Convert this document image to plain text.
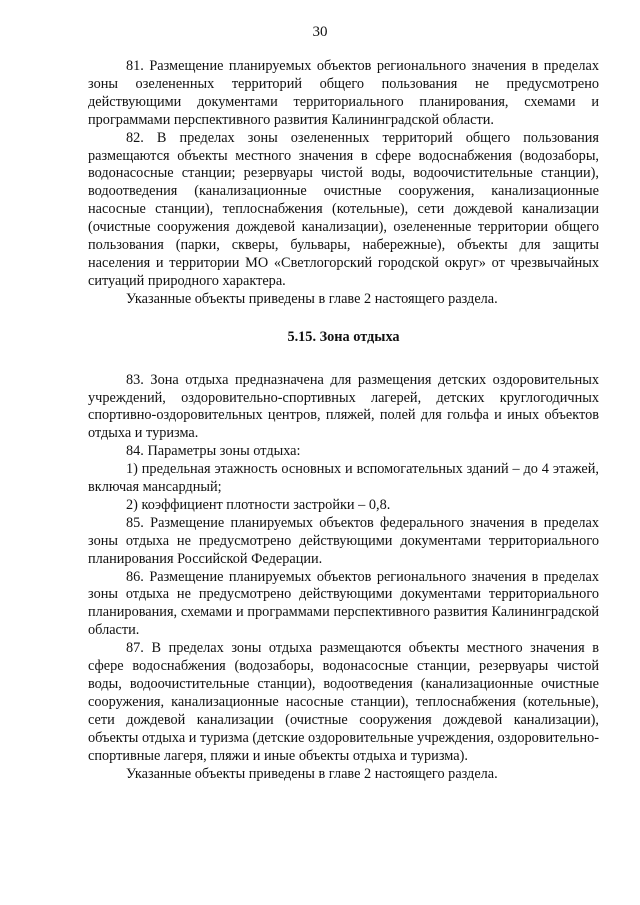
30

81. Размещение планируемых объектов регионального значения в пределах зоны озелененных территорий общего пользования не предусмотрено действующими документами территориального планирования, схемами и программами перспективного развития Калининградской области.

82. В пределах зоны озелененных территорий общего пользования размещаются объекты местного значения в сфере водоснабжения (водозаборы, водонасосные станции; резервуары чистой воды, водоочистительные станции), водоотведения (канализационные очистные сооружения, канализационные насосные станции), теплоснабжения (котельные), сети дождевой канализации (очистные сооружения дождевой канализации), озелененные территории общего пользования (парки, скверы, бульвары, набережные), объекты для защиты населения и территории МО «Светлогорский городской округ» от чрезвычайных ситуаций природного характера.

Указанные объекты приведены в главе 2 настоящего раздела.

5.15. Зона отдыха

83. Зона отдыха предназначена для размещения детских оздоровительных учреждений, оздоровительно-спортивных лагерей, детских круглогодичных спортивно-оздоровительных центров, пляжей, полей для гольфа и иных объектов отдыха и туризма.

84. Параметры зоны отдыха:

1) предельная этажность основных и вспомогательных зданий – до 4 этажей, включая мансардный;

2) коэффициент плотности застройки – 0,8.

85. Размещение планируемых объектов федерального значения в пределах зоны отдыха не предусмотрено действующими документами территориального планирования Российской Федерации.

86. Размещение планируемых объектов регионального значения в пределах зоны отдыха не предусмотрено действующими документами территориального планирования, схемами и программами перспективного развития Калининградской области.

87. В пределах зоны отдыха размещаются объекты местного значения в сфере водоснабжения (водозаборы, водонасосные станции, резервуары чистой воды, водоочистительные станции), водоотведения (канализационные очистные сооружения, канализационные насосные станции), теплоснабжения (котельные), сети дождевой канализации (очистные сооружения дождевой канализации), объекты отдыха и туризма (детские оздоровительные учреждения, оздоровительно-спортивные лагеря, пляжи и иные объекты отдыха и туризма).

Указанные объекты приведены в главе 2 настоящего раздела.
